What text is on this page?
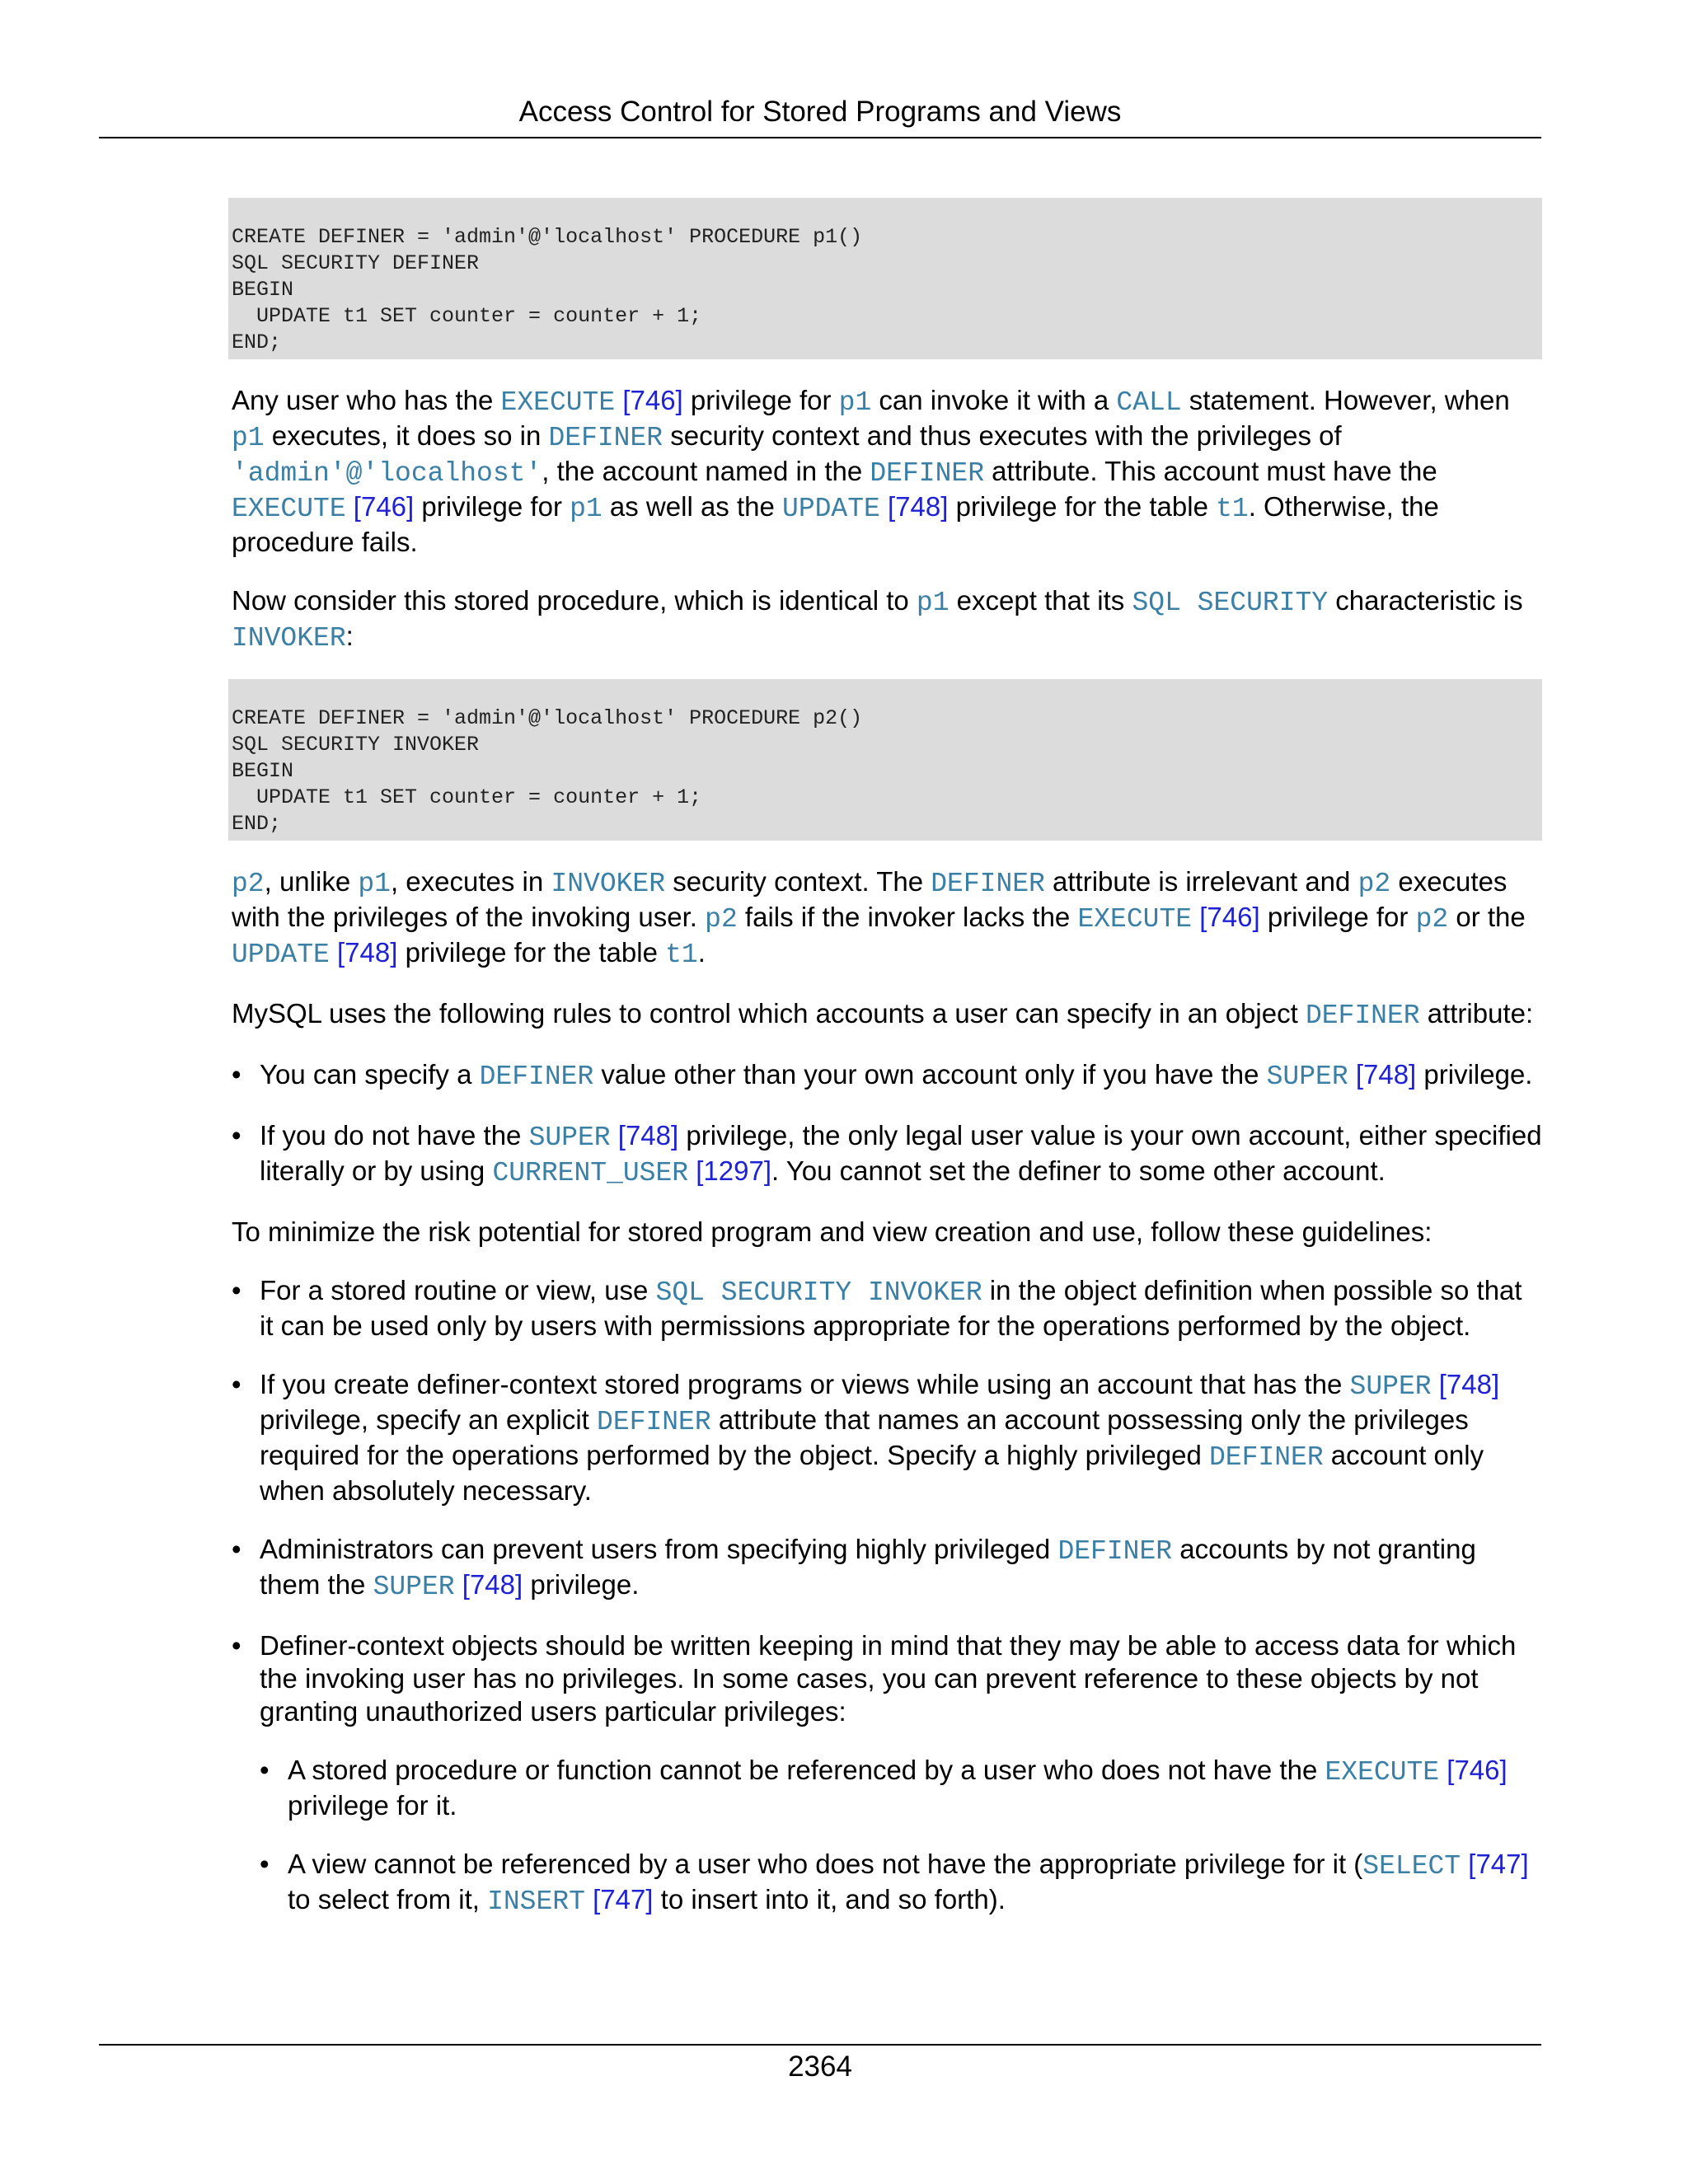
Access Control for Stored Programs and Views
CREATE DEFINER = 'admin'@'localhost' PROCEDURE p1()
SQL SECURITY DEFINER
BEGIN
UPDATE t1 SET counter = counter + 1;
END;
Any user who has the EXECUTE [746] privilege for p1 can invoke it with a CALL statement. However, when p1 executes, it does so in DEFINER security context and thus executes with the privileges of 'admin'@'localhost', the account named in the DEFINER attribute. This account must have the EXECUTE [746] privilege for p1 as well as the UPDATE [748] privilege for the table t1. Otherwise, the procedure fails.
Now consider this stored procedure, which is identical to p1 except that its SQL SECURITY characteristic is INVOKER:
CREATE DEFINER = 'admin'@'localhost' PROCEDURE p2()
SQL SECURITY INVOKER
BEGIN
UPDATE t1 SET counter = counter + 1;
END;
p2, unlike p1, executes in INVOKER security context. The DEFINER attribute is irrelevant and p2 executes with the privileges of the invoking user. p2 fails if the invoker lacks the EXECUTE [746] privilege for p2 or the UPDATE [748] privilege for the table t1.
MySQL uses the following rules to control which accounts a user can specify in an object DEFINER attribute:
• You can specify a DEFINER value other than your own account only if you have the SUPER [748] privilege.
• If you do not have the SUPER [748] privilege, the only legal user value is your own account, either specified literally or by using CURRENT_USER [1297]. You cannot set the definer to some other account.
To minimize the risk potential for stored program and view creation and use, follow these guidelines:
• For a stored routine or view, use SQL SECURITY INVOKER in the object definition when possible so that it can be used only by users with permissions appropriate for the operations performed by the object.
• If you create definer-context stored programs or views while using an account that has the SUPER [748] privilege, specify an explicit DEFINER attribute that names an account possessing only the privileges required for the operations performed by the object. Specify a highly privileged DEFINER account only when absolutely necessary.
• Administrators can prevent users from specifying highly privileged DEFINER accounts by not granting them the SUPER [748] privilege.
• Definer-context objects should be written keeping in mind that they may be able to access data for which the invoking user has no privileges. In some cases, you can prevent reference to these objects by not granting unauthorized users particular privileges:
• A stored procedure or function cannot be referenced by a user who does not have the EXECUTE [746] privilege for it.
• A view cannot be referenced by a user who does not have the appropriate privilege for it (SELECT [747] to select from it, INSERT [747] to insert into it, and so forth).
2364
